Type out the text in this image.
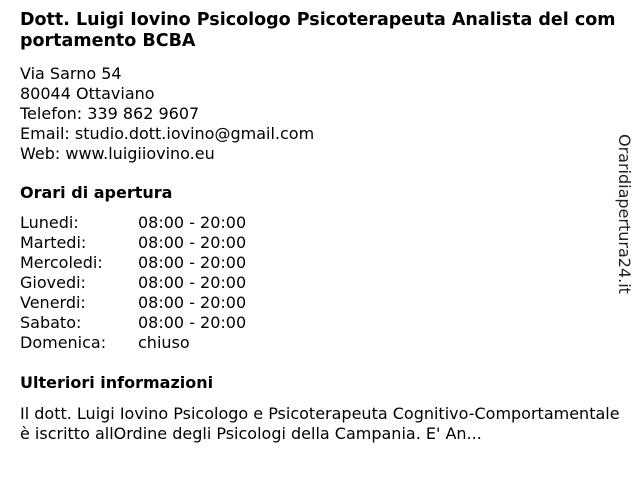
Dott. Luigi Iovino Psicologo Psicoterapeuta Analista del comportamento BCBA
Via Sarno 54
80044 Ottaviano
Telefon: 339 862 9607
Email: studio.dott.iovino@gmail.com
Web: www.luigiiovino.eu
Orari di apertura
Lunedi:	08:00 - 20:00
Martedi:	08:00 - 20:00
Mercoledi:	08:00 - 20:00
Giovedi:	08:00 - 20:00
Venerdi:	08:00 - 20:00
Sabato:	08:00 - 20:00
Domenica:	chiuso
Ulteriori informazioni
Il dott. Luigi Iovino Psicologo e Psicoterapeuta Cognitivo-Comportamentale è iscritto allOrdine degli Psicologi della Campania. E' An...
Oraridiapertura24.it
